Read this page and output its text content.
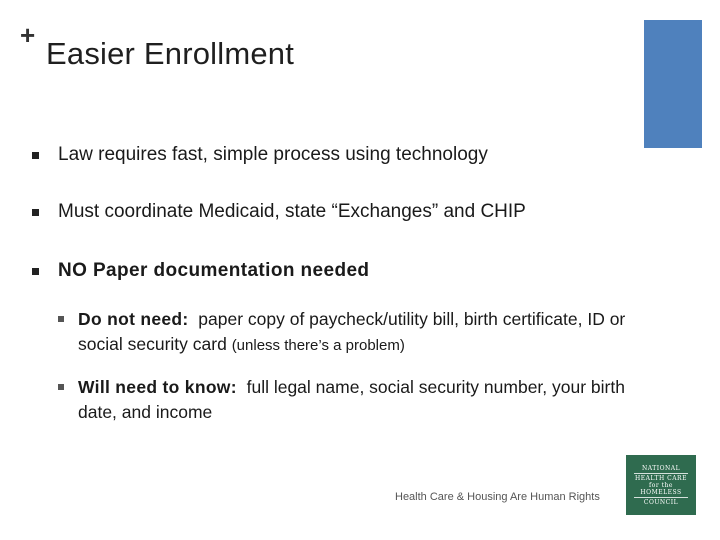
+
Easier Enrollment
Law requires fast, simple process using technology
Must coordinate Medicaid, state “Exchanges” and CHIP
NO Paper documentation needed
Do not need: paper copy of paycheck/utility bill, birth certificate, ID or social security card (unless there’s a problem)
Will need to know: full legal name, social security number, your birth date, and income
Health Care & Housing Are Human Rights
NATIONAL
HEALTH CARE
for the
HOMELESS
COUNCIL
